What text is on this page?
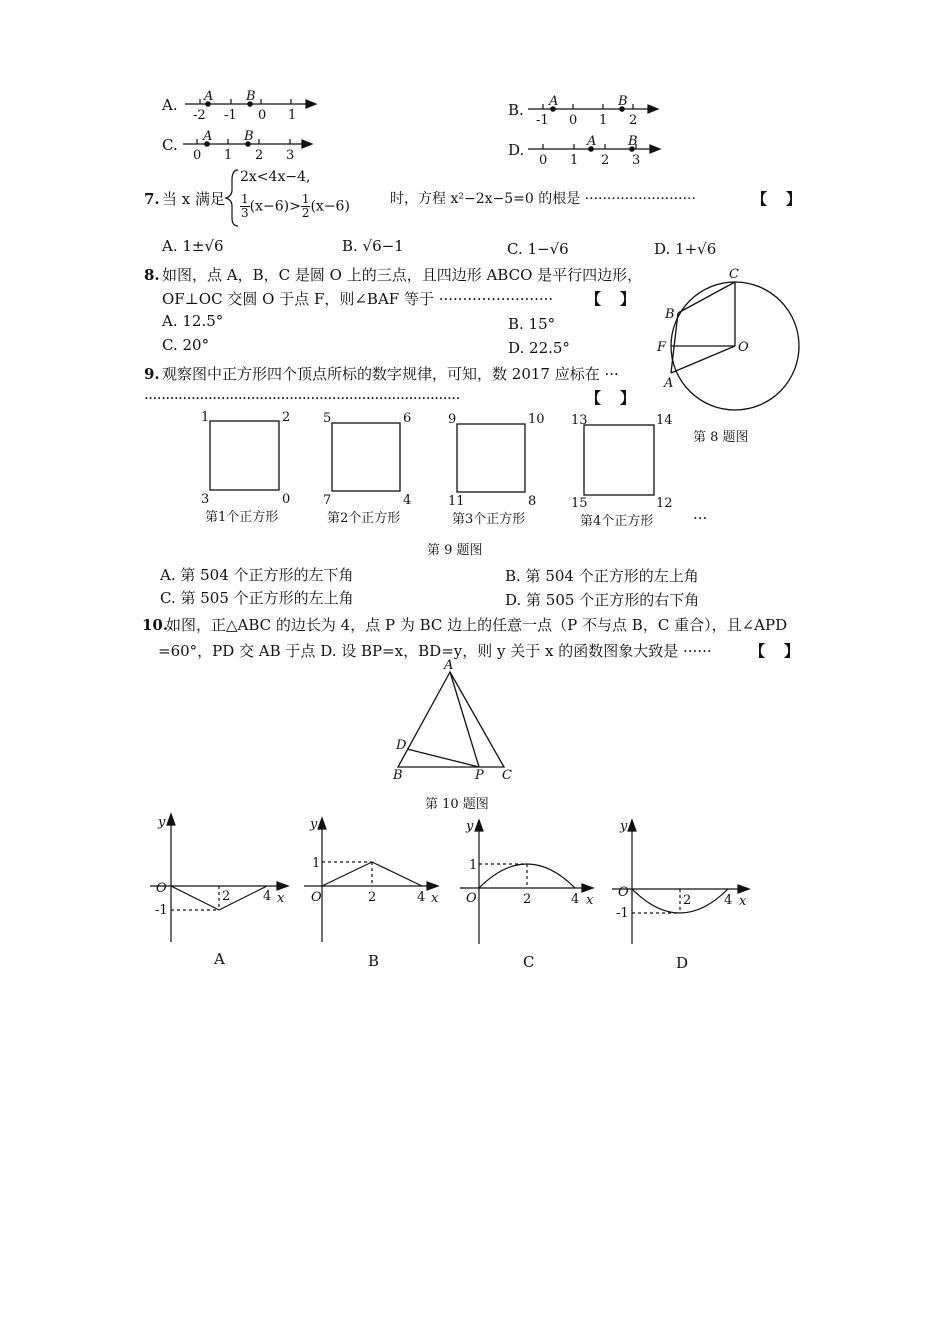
A. A	B
-2 -1 0 1	B. A	B
-1 0 1 2
C. A B
0 1 2 3	D.	A B
0 1 2 3
7. 当 x 满足
2x<4x−4,
$\frac{1}{3} (x-6)> \frac{1}{2} (x-6)$	时，方程 x²−2x−5=0 的根是 ·························	【　】
A. 1±√6	B. √6−1	C. 1−√6	D. 1+√6
8. 如图，点 A，B，C 是圆 O 上的三点，且四边形 ABCO 是平行四边形，
OF⊥OC 交圆 O 于点 F，则∠BAF 等于 ························ 【　】
A. 12.5°	B. 15°
C. 20°	D. 22.5°
C
B
F	O
A
第 8 题图
9. 观察图中正方形四个顶点所标的数字规律，可知，数 2017 应标在 ···
··········································································	【　】
1	2
3	0
第1个正方形
5	6
7	4
第2个正方形
9	10
11	8
第3个正方形
13	14
15	12
第4个正方形	···
第 9 题图
A. 第 504 个正方形的左下角	B. 第 504 个正方形的左上角
C. 第 505 个正方形的左上角	D. 第 505 个正方形的右下角
10.
如图，正△ABC 的边长为 4，点 P 为 BC 边上的任意一点（P 不与点 B，C 重合），且∠APD
=60°，PD 交 AB 于点 D. 设 BP=x，BD=y，则 y 关于 x 的函数图象大致是 ······	【　】
A
D
B	P C
第 10 题图
y
O
-1
2	4 x
A
y
O
1
2	4 x
B
y
O
1
2	4 x
C
y
O
-1
2	4 x
D
